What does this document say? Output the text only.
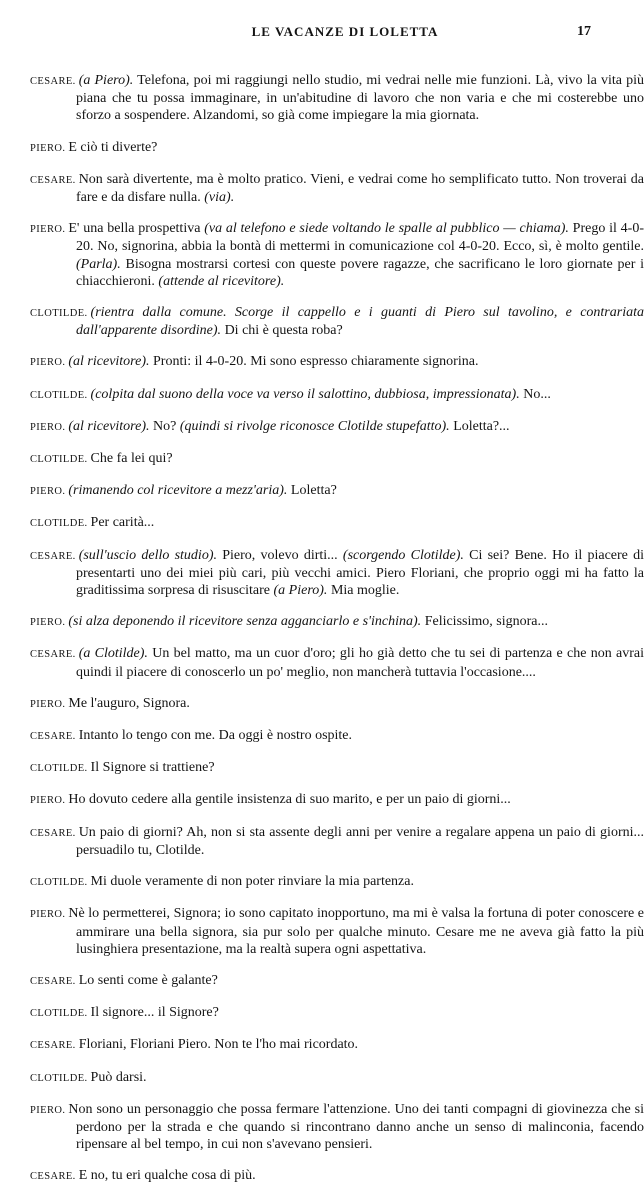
LE VACANZE DI LOLETTA	17

CESARE. (a Piero). Telefona, poi mi raggiungi nello studio, mi vedrai nelle mie funzioni. Là, vivo la vita più piana che tu possa immaginare, in un'abitudine di lavoro che non varia e che mi costerebbe uno sforzo a sospendere. Alzandomi, so già come impiegare la mia giornata.

PIERO. E ciò ti diverte?

CESARE. Non sarà divertente, ma è molto pratico. Vieni, e vedrai come ho semplificato tutto. Non troverai da fare e da disfare nulla. (via).

PIERO. E' una bella prospettiva (va al telefono e siede voltando le spalle al pubblico — chiama). Prego il 4-0-20. No, signorina, abbia la bontà di mettermi in comunicazione col 4-0-20. Ecco, sì, è molto gentile. (Parla). Bisogna mostrarsi cortesi con queste povere ragazze, che sacrificano le loro giornate per i chiacchieroni. (attende al ricevitore).

CLOTILDE. (rientra dalla comune. Scorge il cappello e i guanti di Piero sul tavolino, e contrariata dall'apparente disordine). Di chi è questa roba?

PIERO. (al ricevitore). Pronti: il 4-0-20. Mi sono espresso chiaramente signorina.

CLOTILDE. (colpita dal suono della voce va verso il salottino, dubbiosa, impressionata). No...

PIERO. (al ricevitore). No? (quindi si rivolge riconosce Clotilde stupefatto). Loletta?...

CLOTILDE. Che fa lei qui?

PIERO. (rimanendo col ricevitore a mezz'aria). Loletta?

CLOTILDE. Per carità...

CESARE. (sull'uscio dello studio). Piero, volevo dirti... (scorgendo Clotilde). Ci sei? Bene. Ho il piacere di presentarti uno dei miei più cari, più vecchi amici. Piero Floriani, che proprio oggi mi ha fatto la graditissima sorpresa di risuscitare (a Piero). Mia moglie.

PIERO. (si alza deponendo il ricevitore senza agganciarlo e s'inchina). Felicissimo, signora...

CESARE. (a Clotilde). Un bel matto, ma un cuor d'oro; gli ho già detto che tu sei di partenza e che non avrai quindi il piacere di conoscerlo un po' meglio, non mancherà tuttavia l'occasione....

PIERO. Me l'auguro, Signora.

CESARE. Intanto lo tengo con me. Da oggi è nostro ospite.

CLOTILDE. Il Signore si trattiene?

PIERO. Ho dovuto cedere alla gentile insistenza di suo marito, e per un paio di giorni...

CESARE. Un paio di giorni? Ah, non si sta assente degli anni per venire a regalare appena un paio di giorni... persuadilo tu, Clotilde.

CLOTILDE. Mi duole veramente di non poter rinviare la mia partenza.

PIERO. Nè lo permetterei, Signora; io sono capitato inopportuno, ma mi è valsa la fortuna di poter conoscere e ammirare una bella signora, sia pur solo per qualche minuto. Cesare me ne aveva già fatto la più lusinghiera presentazione, ma la realtà supera ogni aspettativa.

CESARE. Lo senti come è galante?

CLOTILDE. Il signore... il Signore?

CESARE. Floriani, Floriani Piero. Non te l'ho mai ricordato.

CLOTILDE. Può darsi.

PIERO. Non sono un personaggio che possa fermare l'attenzione. Uno dei tanti compagni di giovinezza che si perdono per la strada e che quando si rincontrano danno anche un senso di malinconia, facendo ripensare al bel tempo, in cui non s'avevano pensieri.

CESARE. E no, tu eri qualche cosa di più.
